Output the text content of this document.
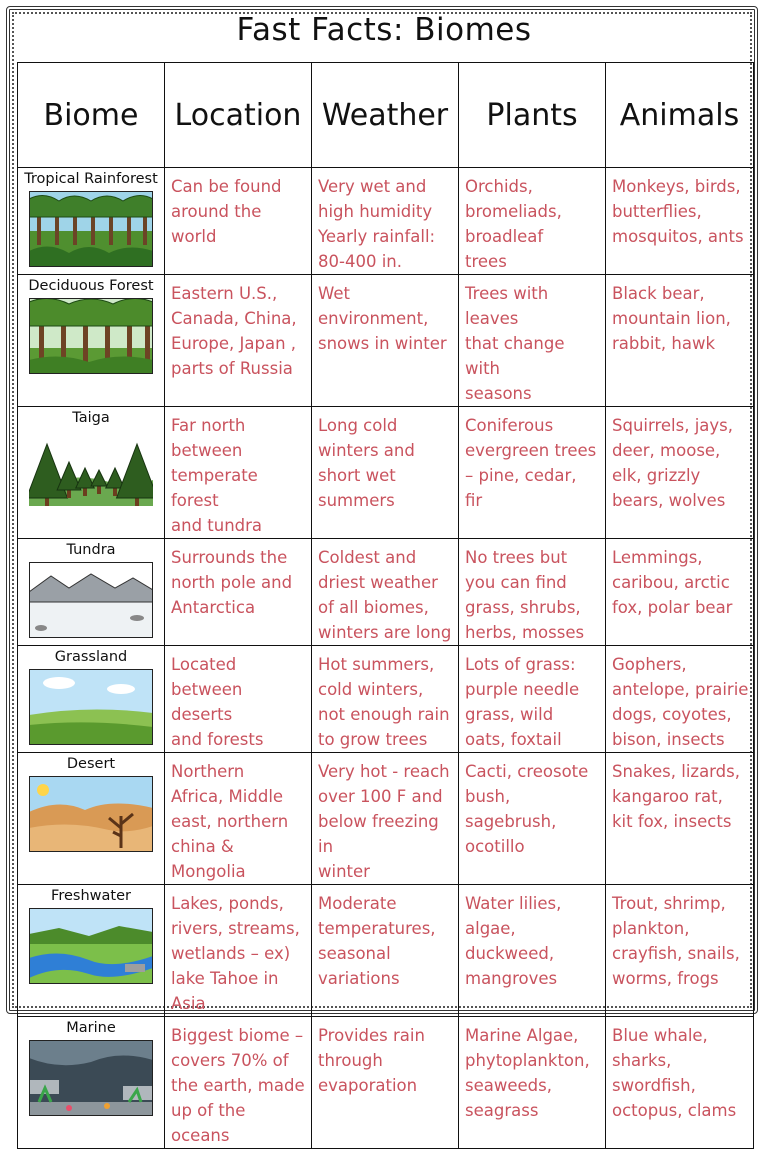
Fast Facts: Biomes
Biome	Location	Weather	Plants	Animals

Tropical Rainforest	Can be found
around the
world	Very wet and
high humidity
Yearly rainfall:
80-400 in.	Orchids,
bromeliads,
broadleaf
trees	Monkeys, birds,
butterflies,
mosquitos, ants

Deciduous Forest	Eastern U.S.,
Canada, China,
Europe, Japan ,
parts of Russia	Wet
environment,
snows in winter	Trees with leaves
that change with
seasons	Black bear,
mountain lion,
rabbit, hawk

Taiga	Far north
between
temperate forest
and tundra	Long cold
winters and
short wet
summers	Coniferous
evergreen trees
– pine, cedar,
fir	Squirrels, jays,
deer, moose,
elk, grizzly
bears, wolves

Tundra	Surrounds the
north pole and
Antarctica	Coldest and
driest weather
of all biomes,
winters are long	No trees but
you can find
grass, shrubs,
herbs, mosses	Lemmings,
caribou, arctic
fox, polar bear

Grassland	Located
between deserts
and forests	Hot summers,
cold winters,
not enough rain
to grow trees	Lots of grass:
purple needle
grass, wild
oats, foxtail	Gophers,
antelope, prairie
dogs, coyotes,
bison, insects

Desert	Northern
Africa, Middle
east, northern
china & Mongolia	Very hot - reach
over 100 F and
below freezing in
winter	Cacti, creosote
bush, sagebrush,
ocotillo	Snakes, lizards,
kangaroo rat,
kit fox, insects

Freshwater	Lakes, ponds,
rivers, streams,
wetlands – ex)
lake Tahoe in Asia	Moderate
temperatures,
seasonal
variations	Water lilies,
algae,
duckweed,
mangroves	Trout, shrimp,
plankton,
crayfish, snails,
worms, frogs

Marine	Biggest biome –
covers 70% of
the earth, made
up of the oceans	Provides rain
through
evaporation	Marine Algae,
phytoplankton,
seaweeds,
seagrass	Blue whale,
sharks,
swordfish,
octopus, clams
